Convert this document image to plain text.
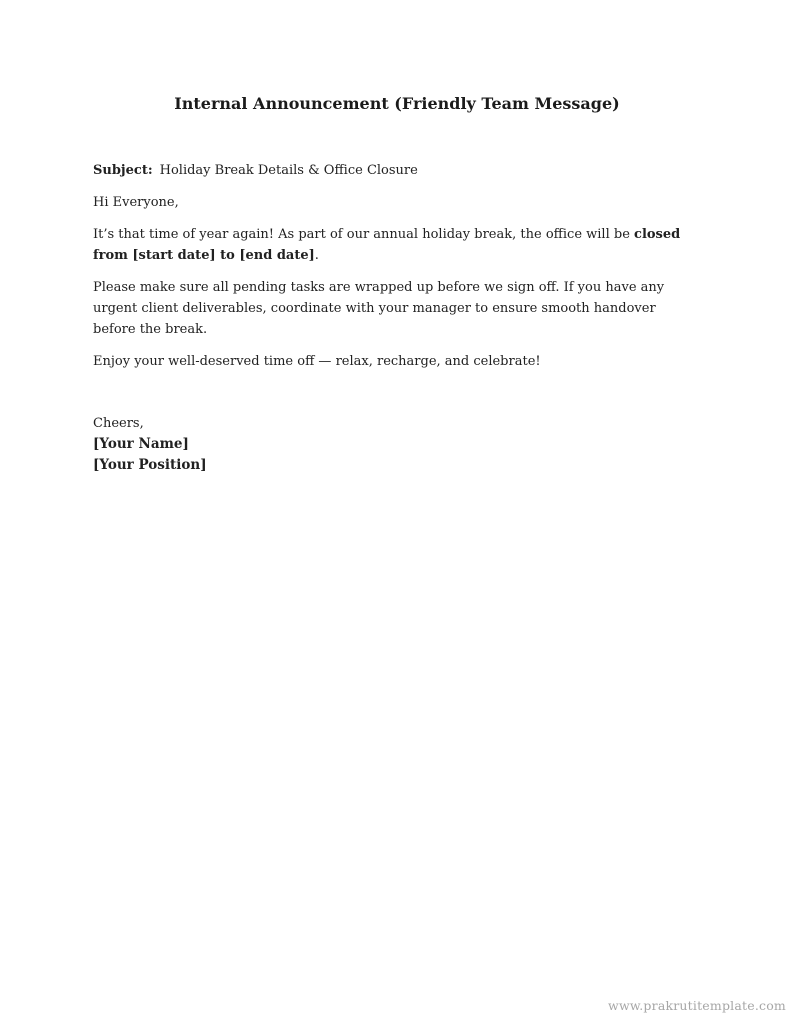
Internal Announcement (Friendly Team Message)

Subject: Holiday Break Details & Office Closure

Hi Everyone,

It’s that time of year again! As part of our annual holiday break, the office will be closed from [start date] to [end date].

Please make sure all pending tasks are wrapped up before we sign off. If you have any urgent client deliverables, coordinate with your manager to ensure smooth handover before the break.

Enjoy your well-deserved time off — relax, recharge, and celebrate!

Cheers,
[Your Name]
[Your Position]
www.prakrutitemplate.com
